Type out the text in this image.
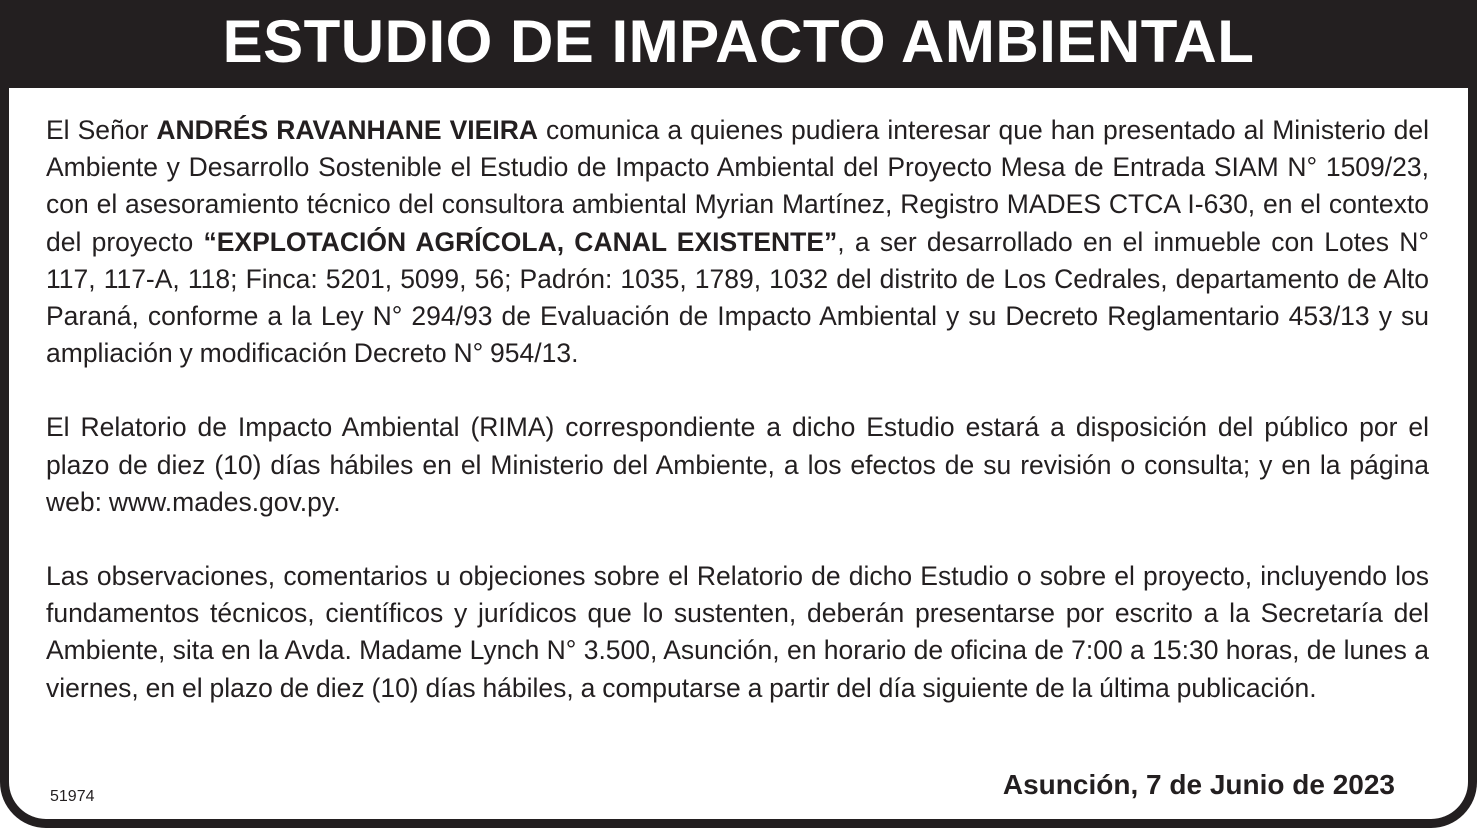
ESTUDIO DE IMPACTO AMBIENTAL

El Señor ANDRÉS RAVANHANE VIEIRA comunica a quienes pudiera interesar que han presentado al Ministerio del Ambiente y Desarrollo Sostenible el Estudio de Impacto Ambiental del Proyecto Mesa de Entrada SIAM N° 1509/23, con el asesoramiento técnico del consultora ambiental Myrian Martínez, Registro MADES CTCA I-630, en el contexto del proyecto “EXPLOTACIÓN AGRÍCOLA, CANAL EXISTENTE”, a ser desarrollado en el inmueble con Lotes N° 117, 117-A, 118; Finca: 5201, 5099, 56; Padrón: 1035, 1789, 1032 del distrito de Los Cedrales, departamento de Alto Paraná, conforme a la Ley N° 294/93 de Evaluación de Impacto Ambiental y su Decreto Reglamentario 453/13 y su ampliación y modificación Decreto N° 954/13.

El Relatorio de Impacto Ambiental (RIMA) correspondiente a dicho Estudio estará a disposición del público por el plazo de diez (10) días hábiles en el Ministerio del Ambiente, a los efectos de su revisión o consulta; y en la página web: www.mades.gov.py.

Las observaciones, comentarios u objeciones sobre el Relatorio de dicho Estudio o sobre el proyecto, incluyendo los fundamentos técnicos, científicos y jurídicos que lo sustenten, deberán presentarse por escrito a la Secretaría del Ambiente, sita en la Avda. Madame Lynch N° 3.500, Asunción, en horario de oficina de 7:00 a 15:30 horas, de lunes a viernes, en el plazo de diez (10) días hábiles, a computarse a partir del día siguiente de la última publicación.

51974	Asunción, 7 de Junio de 2023
